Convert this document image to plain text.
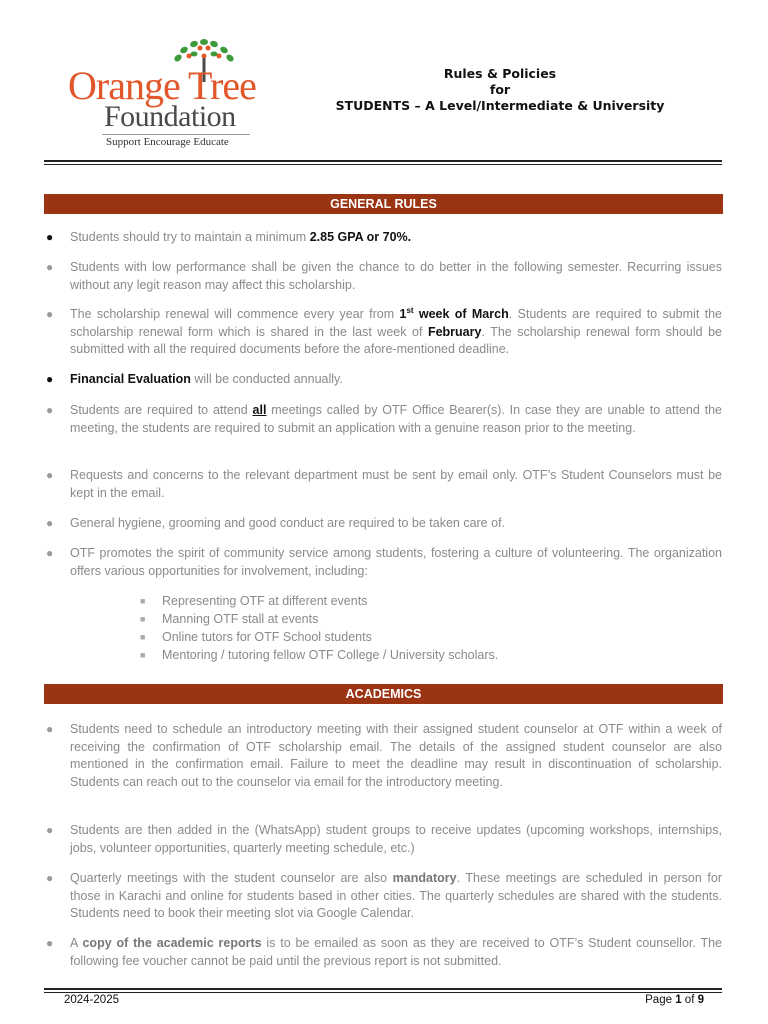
Orange Tree
Foundation
Support Encourage Educate
Rules & Policies
for
STUDENTS – A Level/Intermediate & University
GENERAL RULES
● Students should try to maintain a minimum 2.85 GPA or 70%.
● Students with low performance shall be given the chance to do better in the following semester. Recurring issues without any legit reason may affect this scholarship.
● The scholarship renewal will commence every year from 1st week of March. Students are required to submit the scholarship renewal form which is shared in the last week of February. The scholarship renewal form should be submitted with all the required documents before the afore-mentioned deadline.
● Financial Evaluation will be conducted annually.
● Students are required to attend all meetings called by OTF Office Bearer(s). In case they are unable to attend the meeting, the students are required to submit an application with a genuine reason prior to the meeting.
● Requests and concerns to the relevant department must be sent by email only. OTF’s Student Counselors must be kept in the email.
● General hygiene, grooming and good conduct are required to be taken care of.
● OTF promotes the spirit of community service among students, fostering a culture of volunteering. The organization offers various opportunities for involvement, including:
■ Representing OTF at different events
■ Manning OTF stall at events
■ Online tutors for OTF School students
■ Mentoring / tutoring fellow OTF College / University scholars.
ACADEMICS
● Students need to schedule an introductory meeting with their assigned student counselor at OTF within a week of receiving the confirmation of OTF scholarship email. The details of the assigned student counselor are also mentioned in the confirmation email. Failure to meet the deadline may result in discontinuation of scholarship. Students can reach out to the counselor via email for the introductory meeting.
● Students are then added in the (WhatsApp) student groups to receive updates (upcoming workshops, internships, jobs, volunteer opportunities, quarterly meeting schedule, etc.)
● Quarterly meetings with the student counselor are also mandatory. These meetings are scheduled in person for those in Karachi and online for students based in other cities. The quarterly schedules are shared with the students. Students need to book their meeting slot via Google Calendar.
● A copy of the academic reports is to be emailed as soon as they are received to OTF’s Student counsellor. The following fee voucher cannot be paid until the previous report is not submitted.
2024-2025	Page 1 of 9
